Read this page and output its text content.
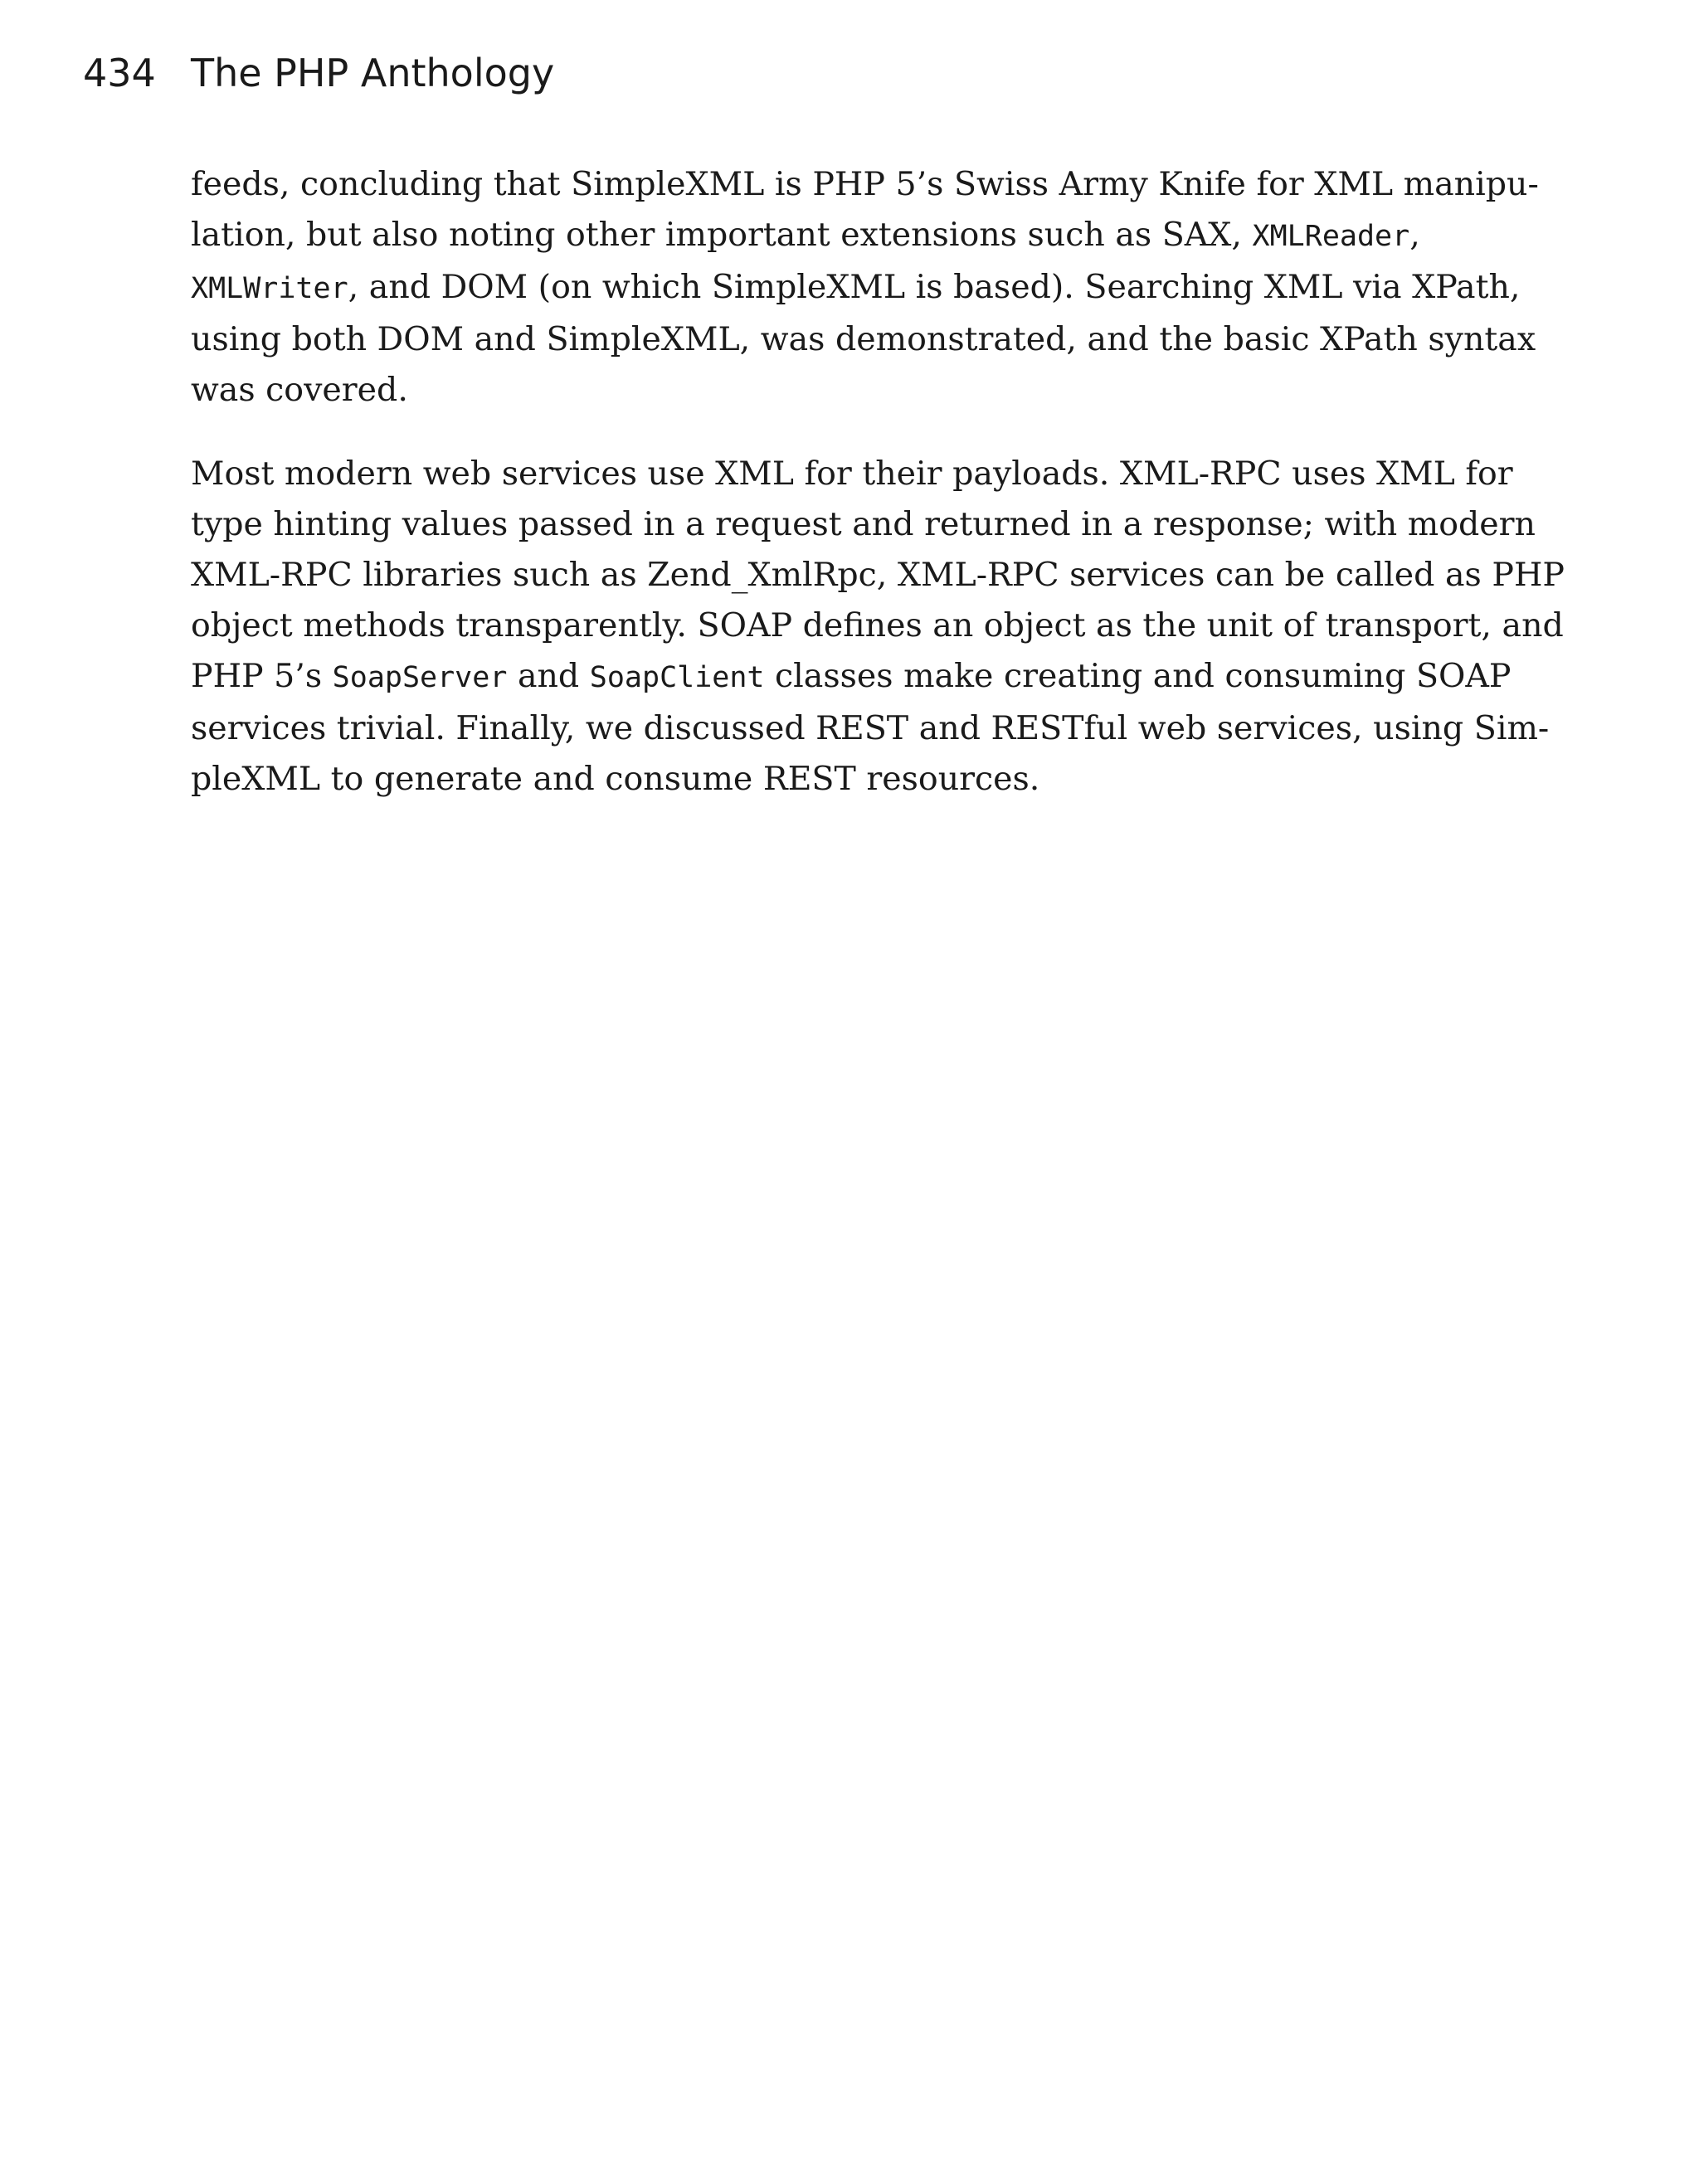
434 The PHP Anthology

feeds, concluding that SimpleXML is PHP 5’s Swiss Army Knife for XML manipu-
lation, but also noting other important extensions such as SAX, XMLReader,
XMLWriter, and DOM (on which SimpleXML is based). Searching XML via XPath,
using both DOM and SimpleXML, was demonstrated, and the basic XPath syntax
was covered.

Most modern web services use XML for their payloads. XML-RPC uses XML for
type hinting values passed in a request and returned in a response; with modern
XML-RPC libraries such as Zend_XmlRpc, XML-RPC services can be called as PHP
object methods transparently. SOAP defines an object as the unit of transport, and
PHP 5’s SoapServer and SoapClient classes make creating and consuming SOAP
services trivial. Finally, we discussed REST and RESTful web services, using Sim-
pleXML to generate and consume REST resources.
